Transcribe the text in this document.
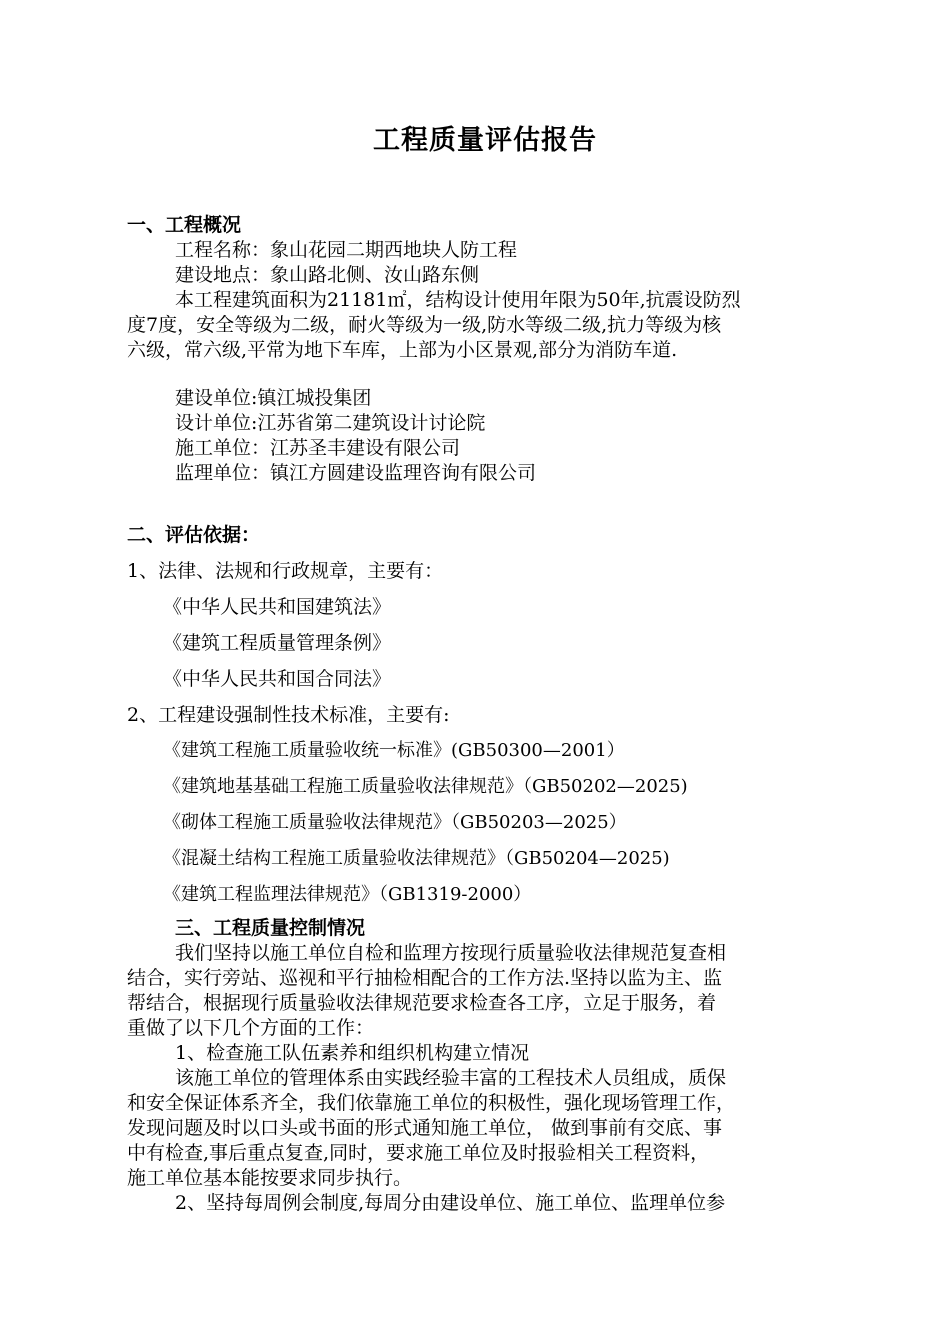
工程质量评估报告
一、工程概况
工程名称：象山花园二期西地块人防工程
建设地点：象山路北侧、汝山路东侧
本工程建筑面积为21181㎡，结构设计使用年限为50年,抗震设防烈
度7度，安全等级为二级，耐火等级为一级,防水等级二级,抗力等级为核
六级，常六级,平常为地下车库，上部为小区景观,部分为消防车道.
建设单位:镇江城投集团
设计单位:江苏省第二建筑设计讨论院
施工单位：江苏圣丰建设有限公司
监理单位：镇江方圆建设监理咨询有限公司
二、评估依据：
1、法律、法规和行政规章，主要有：
《中华人民共和国建筑法》
《建筑工程质量管理条例》
《中华人民共和国合同法》
2、工程建设强制性技术标准，主要有:
《建筑工程施工质量验收统一标准》(GB50300—2001）
《建筑地基基础工程施工质量验收法律规范》（GB50202—2025)
《砌体工程施工质量验收法律规范》（GB50203—2025）
《混凝土结构工程施工质量验收法律规范》（GB50204—2025)
《建筑工程监理法律规范》（GB1319-2000）
三、工程质量控制情况
我们坚持以施工单位自检和监理方按现行质量验收法律规范复查相
结合，实行旁站、巡视和平行抽检相配合的工作方法.坚持以监为主、监
帮结合，根据现行质量验收法律规范要求检查各工序，立足于服务，着
重做了以下几个方面的工作：
1、检查施工队伍素养和组织机构建立情况
该施工单位的管理体系由实践经验丰富的工程技术人员组成，质保
和安全保证体系齐全，我们依靠施工单位的积极性，强化现场管理工作，
发现问题及时以口头或书面的形式通知施工单位， 做到事前有交底、事
中有检查,事后重点复查,同时，要求施工单位及时报验相关工程资料，
施工单位基本能按要求同步执行。
2、坚持每周例会制度,每周分由建设单位、施工单位、监理单位参
